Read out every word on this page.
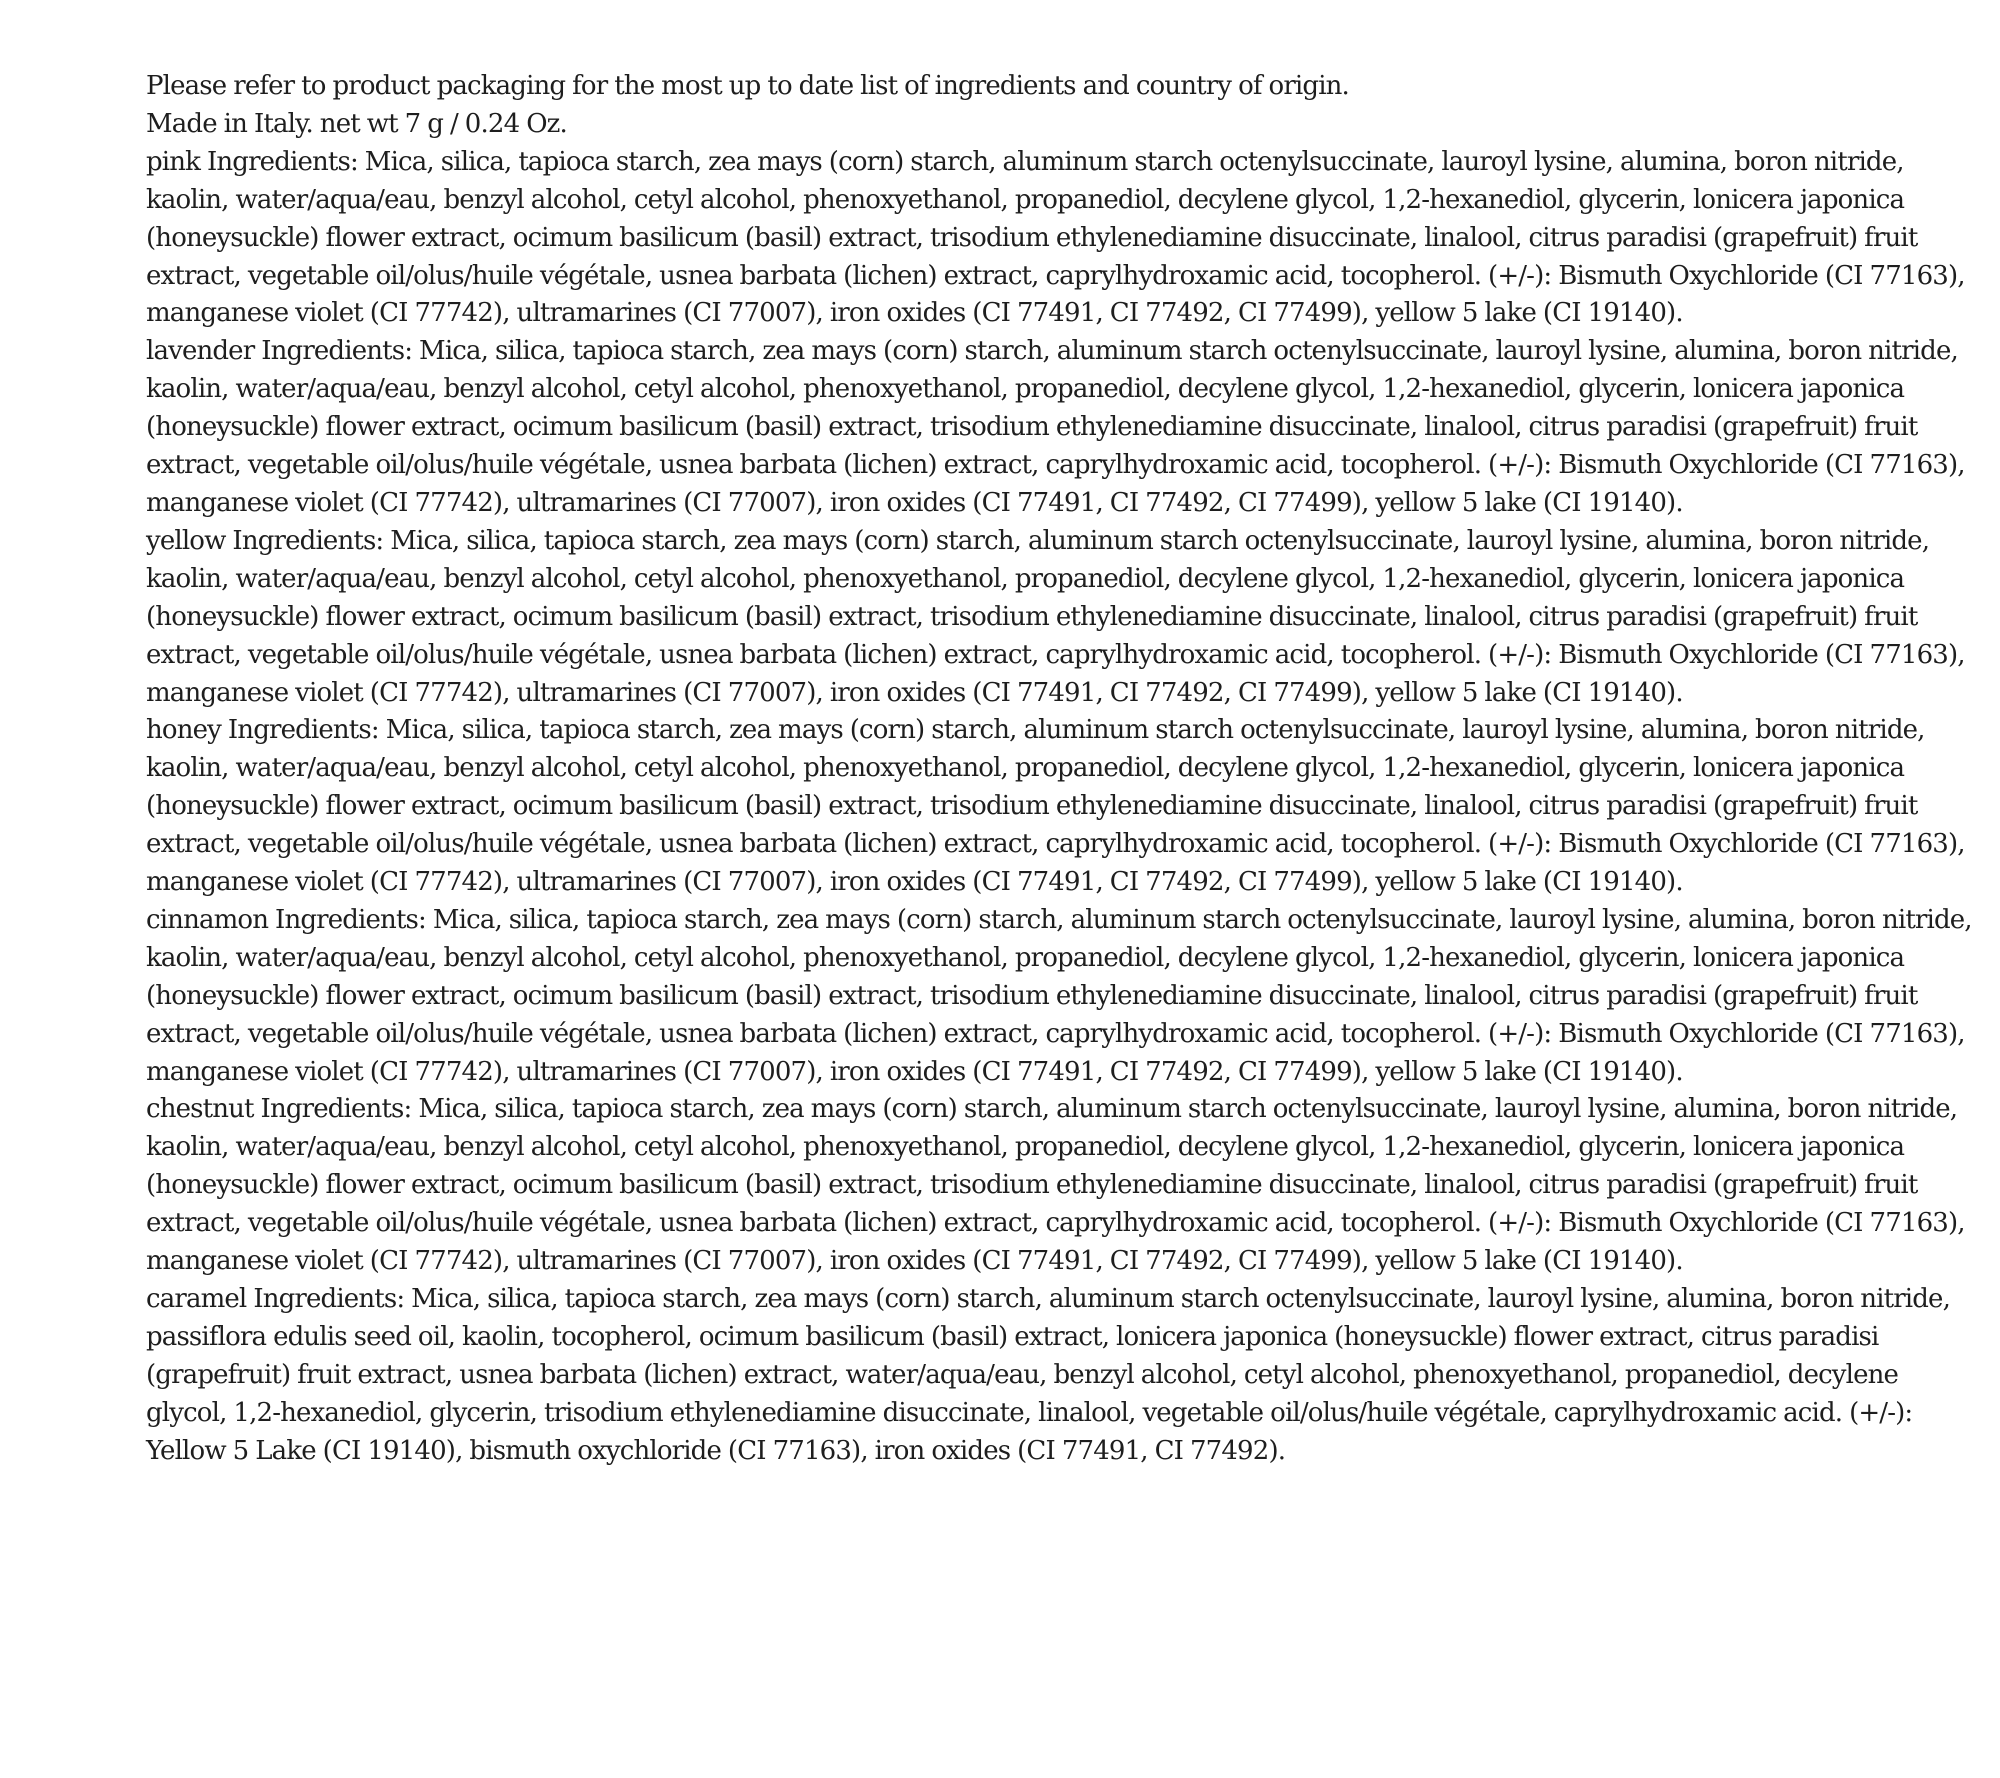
Please refer to product packaging for the most up to date list of ingredients and country of origin.

Made in Italy. net wt 7 g / 0.24 Oz.

pink Ingredients: Mica, silica, tapioca starch, zea mays (corn) starch, aluminum starch octenylsuccinate, lauroyl lysine, alumina, boron nitride, kaolin, water/aqua/eau, benzyl alcohol, cetyl alcohol, phenoxyethanol, propanediol, decylene glycol, 1,2-hexanediol, glycerin, lonicera japonica (honeysuckle) flower extract, ocimum basilicum (basil) extract, trisodium ethylenediamine disuccinate, linalool, citrus paradisi (grapefruit) fruit extract, vegetable oil/olus/huile végétale, usnea barbata (lichen) extract, caprylhydroxamic acid, tocopherol. (+/-): Bismuth Oxychloride (CI 77163), manganese violet (CI 77742), ultramarines (CI 77007), iron oxides (CI 77491, CI 77492, CI 77499), yellow 5 lake (CI 19140).

lavender Ingredients: Mica, silica, tapioca starch, zea mays (corn) starch, aluminum starch octenylsuccinate, lauroyl lysine, alumina, boron nitride, kaolin, water/aqua/eau, benzyl alcohol, cetyl alcohol, phenoxyethanol, propanediol, decylene glycol, 1,2-hexanediol, glycerin, lonicera japonica (honeysuckle) flower extract, ocimum basilicum (basil) extract, trisodium ethylenediamine disuccinate, linalool, citrus paradisi (grapefruit) fruit extract, vegetable oil/olus/huile végétale, usnea barbata (lichen) extract, caprylhydroxamic acid, tocopherol. (+/-): Bismuth Oxychloride (CI 77163), manganese violet (CI 77742), ultramarines (CI 77007), iron oxides (CI 77491, CI 77492, CI 77499), yellow 5 lake (CI 19140).

yellow Ingredients: Mica, silica, tapioca starch, zea mays (corn) starch, aluminum starch octenylsuccinate, lauroyl lysine, alumina, boron nitride, kaolin, water/aqua/eau, benzyl alcohol, cetyl alcohol, phenoxyethanol, propanediol, decylene glycol, 1,2-hexanediol, glycerin, lonicera japonica (honeysuckle) flower extract, ocimum basilicum (basil) extract, trisodium ethylenediamine disuccinate, linalool, citrus paradisi (grapefruit) fruit extract, vegetable oil/olus/huile végétale, usnea barbata (lichen) extract, caprylhydroxamic acid, tocopherol. (+/-): Bismuth Oxychloride (CI 77163), manganese violet (CI 77742), ultramarines (CI 77007), iron oxides (CI 77491, CI 77492, CI 77499), yellow 5 lake (CI 19140).

honey Ingredients: Mica, silica, tapioca starch, zea mays (corn) starch, aluminum starch octenylsuccinate, lauroyl lysine, alumina, boron nitride, kaolin, water/aqua/eau, benzyl alcohol, cetyl alcohol, phenoxyethanol, propanediol, decylene glycol, 1,2-hexanediol, glycerin, lonicera japonica (honeysuckle) flower extract, ocimum basilicum (basil) extract, trisodium ethylenediamine disuccinate, linalool, citrus paradisi (grapefruit) fruit extract, vegetable oil/olus/huile végétale, usnea barbata (lichen) extract, caprylhydroxamic acid, tocopherol. (+/-): Bismuth Oxychloride (CI 77163), manganese violet (CI 77742), ultramarines (CI 77007), iron oxides (CI 77491, CI 77492, CI 77499), yellow 5 lake (CI 19140).

cinnamon Ingredients: Mica, silica, tapioca starch, zea mays (corn) starch, aluminum starch octenylsuccinate, lauroyl lysine, alumina, boron nitride, kaolin, water/aqua/eau, benzyl alcohol, cetyl alcohol, phenoxyethanol, propanediol, decylene glycol, 1,2-hexanediol, glycerin, lonicera japonica (honeysuckle) flower extract, ocimum basilicum (basil) extract, trisodium ethylenediamine disuccinate, linalool, citrus paradisi (grapefruit) fruit extract, vegetable oil/olus/huile végétale, usnea barbata (lichen) extract, caprylhydroxamic acid, tocopherol. (+/-): Bismuth Oxychloride (CI 77163), manganese violet (CI 77742), ultramarines (CI 77007), iron oxides (CI 77491, CI 77492, CI 77499), yellow 5 lake (CI 19140).

chestnut Ingredients: Mica, silica, tapioca starch, zea mays (corn) starch, aluminum starch octenylsuccinate, lauroyl lysine, alumina, boron nitride, kaolin, water/aqua/eau, benzyl alcohol, cetyl alcohol, phenoxyethanol, propanediol, decylene glycol, 1,2-hexanediol, glycerin, lonicera japonica (honeysuckle) flower extract, ocimum basilicum (basil) extract, trisodium ethylenediamine disuccinate, linalool, citrus paradisi (grapefruit) fruit extract, vegetable oil/olus/huile végétale, usnea barbata (lichen) extract, caprylhydroxamic acid, tocopherol. (+/-): Bismuth Oxychloride (CI 77163), manganese violet (CI 77742), ultramarines (CI 77007), iron oxides (CI 77491, CI 77492, CI 77499), yellow 5 lake (CI 19140).

caramel Ingredients: Mica, silica, tapioca starch, zea mays (corn) starch, aluminum starch octenylsuccinate, lauroyl lysine, alumina, boron nitride, passiflora edulis seed oil, kaolin, tocopherol, ocimum basilicum (basil) extract, lonicera japonica (honeysuckle) flower extract, citrus paradisi (grapefruit) fruit extract, usnea barbata (lichen) extract, water/aqua/eau, benzyl alcohol, cetyl alcohol, phenoxyethanol, propanediol, decylene glycol, 1,2-hexanediol, glycerin, trisodium ethylenediamine disuccinate, linalool, vegetable oil/olus/huile végétale, caprylhydroxamic acid. (+/-): Yellow 5 Lake (CI 19140), bismuth oxychloride (CI 77163), iron oxides (CI 77491, CI 77492).
